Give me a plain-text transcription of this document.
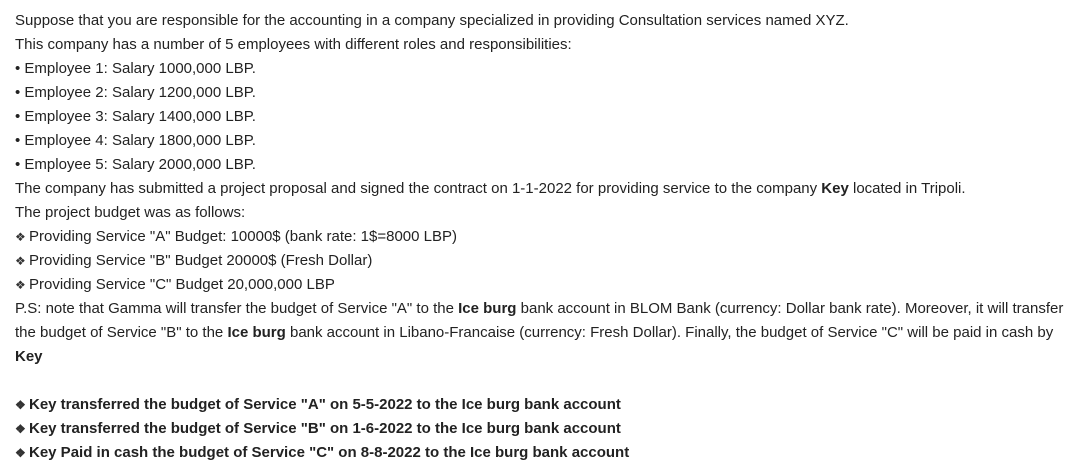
Suppose that you are responsible for the accounting in a company specialized in providing Consultation services named XYZ.
This company has a number of 5 employees with different roles and responsibilities:
• Employee 1: Salary 1000,000 LBP.
• Employee 2: Salary 1200,000 LBP.
• Employee 3: Salary 1400,000 LBP.
• Employee 4: Salary 1800,000 LBP.
• Employee 5: Salary 2000,000 LBP.
The company has submitted a project proposal and signed the contract on 1-1-2022 for providing service to the company Key located in Tripoli.
The project budget was as follows:
❖ Providing Service "A" Budget: 10000$ (bank rate: 1$=8000 LBP)
❖ Providing Service "B" Budget 20000$ (Fresh Dollar)
❖ Providing Service "C" Budget 20,000,000 LBP
P.S: note that Gamma will transfer the budget of Service "A" to the Ice burg bank account in BLOM Bank (currency: Dollar bank rate). Moreover, it will transfer the budget of Service "B" to the Ice burg bank account in Libano-Francaise (currency: Fresh Dollar). Finally, the budget of Service "C" will be paid in cash by Key
❖ Key transferred the budget of Service "A" on 5-5-2022 to the Ice burg bank account
❖ Key transferred the budget of Service "B" on 1-6-2022 to the Ice burg bank account
❖ Key Paid in cash the budget of Service "C" on 8-8-2022 to the Ice burg bank account
